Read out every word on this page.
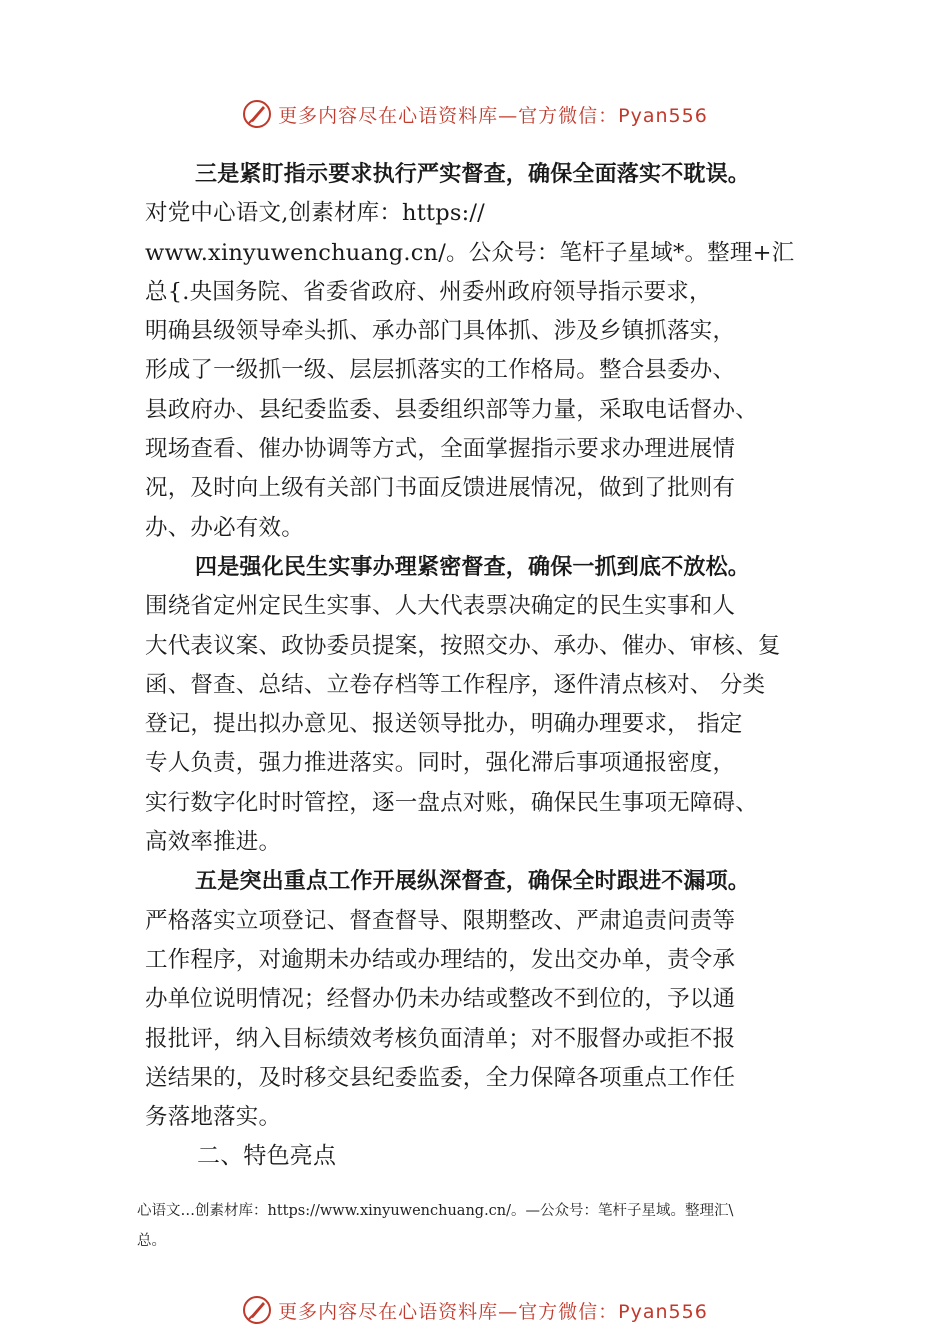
更多内容尽在心语资料库—官方微信：Pyan556
三是紧盯指示要求执行严实督查，确保全面落实不耽误。
对党中心语文,创素材库：https://
www.xinyuwenchuang.cn/。公众号：笔杆子星域*。整理+汇
总{.央国务院、省委省政府、州委州政府领导指示要求，
明确县级领导牵头抓、承办部门具体抓、涉及乡镇抓落实，
形成了一级抓一级、层层抓落实的工作格局。整合县委办、
县政府办、县纪委监委、县委组织部等力量，采取电话督办、
现场查看、催办协调等方式，全面掌握指示要求办理进展情
况，及时向上级有关部门书面反馈进展情况，做到了批则有
办、办必有效。
四是强化民生实事办理紧密督查，确保一抓到底不放松。
围绕省定州定民生实事、人大代表票决确定的民生实事和人
大代表议案、政协委员提案，按照交办、承办、催办、审核、复
函、督查、总结、立卷存档等工作程序，逐件清点核对、 分类
登记，提出拟办意见、报送领导批办，明确办理要求， 指定
专人负责，强力推进落实。同时，强化滞后事项通报密度，
实行数字化时时管控，逐一盘点对账，确保民生事项无障碍、
高效率推进。
五是突出重点工作开展纵深督查，确保全时跟进不漏项。
严格落实立项登记、督查督导、限期整改、严肃追责问责等
工作程序，对逾期未办结或办理结的，发出交办单，责令承
办单位说明情况；经督办仍未办结或整改不到位的，予以通
报批评，纳入目标绩效考核负面清单；对不服督办或拒不报
送结果的，及时移交县纪委监委，全力保障各项重点工作任
务落地落实。
二、特色亮点
心语文…创素材库：https://www.xinyuwenchuang.cn/。—公众号：笔杆子星域。整理汇\
总。
更多内容尽在心语资料库—官方微信：Pyan556
